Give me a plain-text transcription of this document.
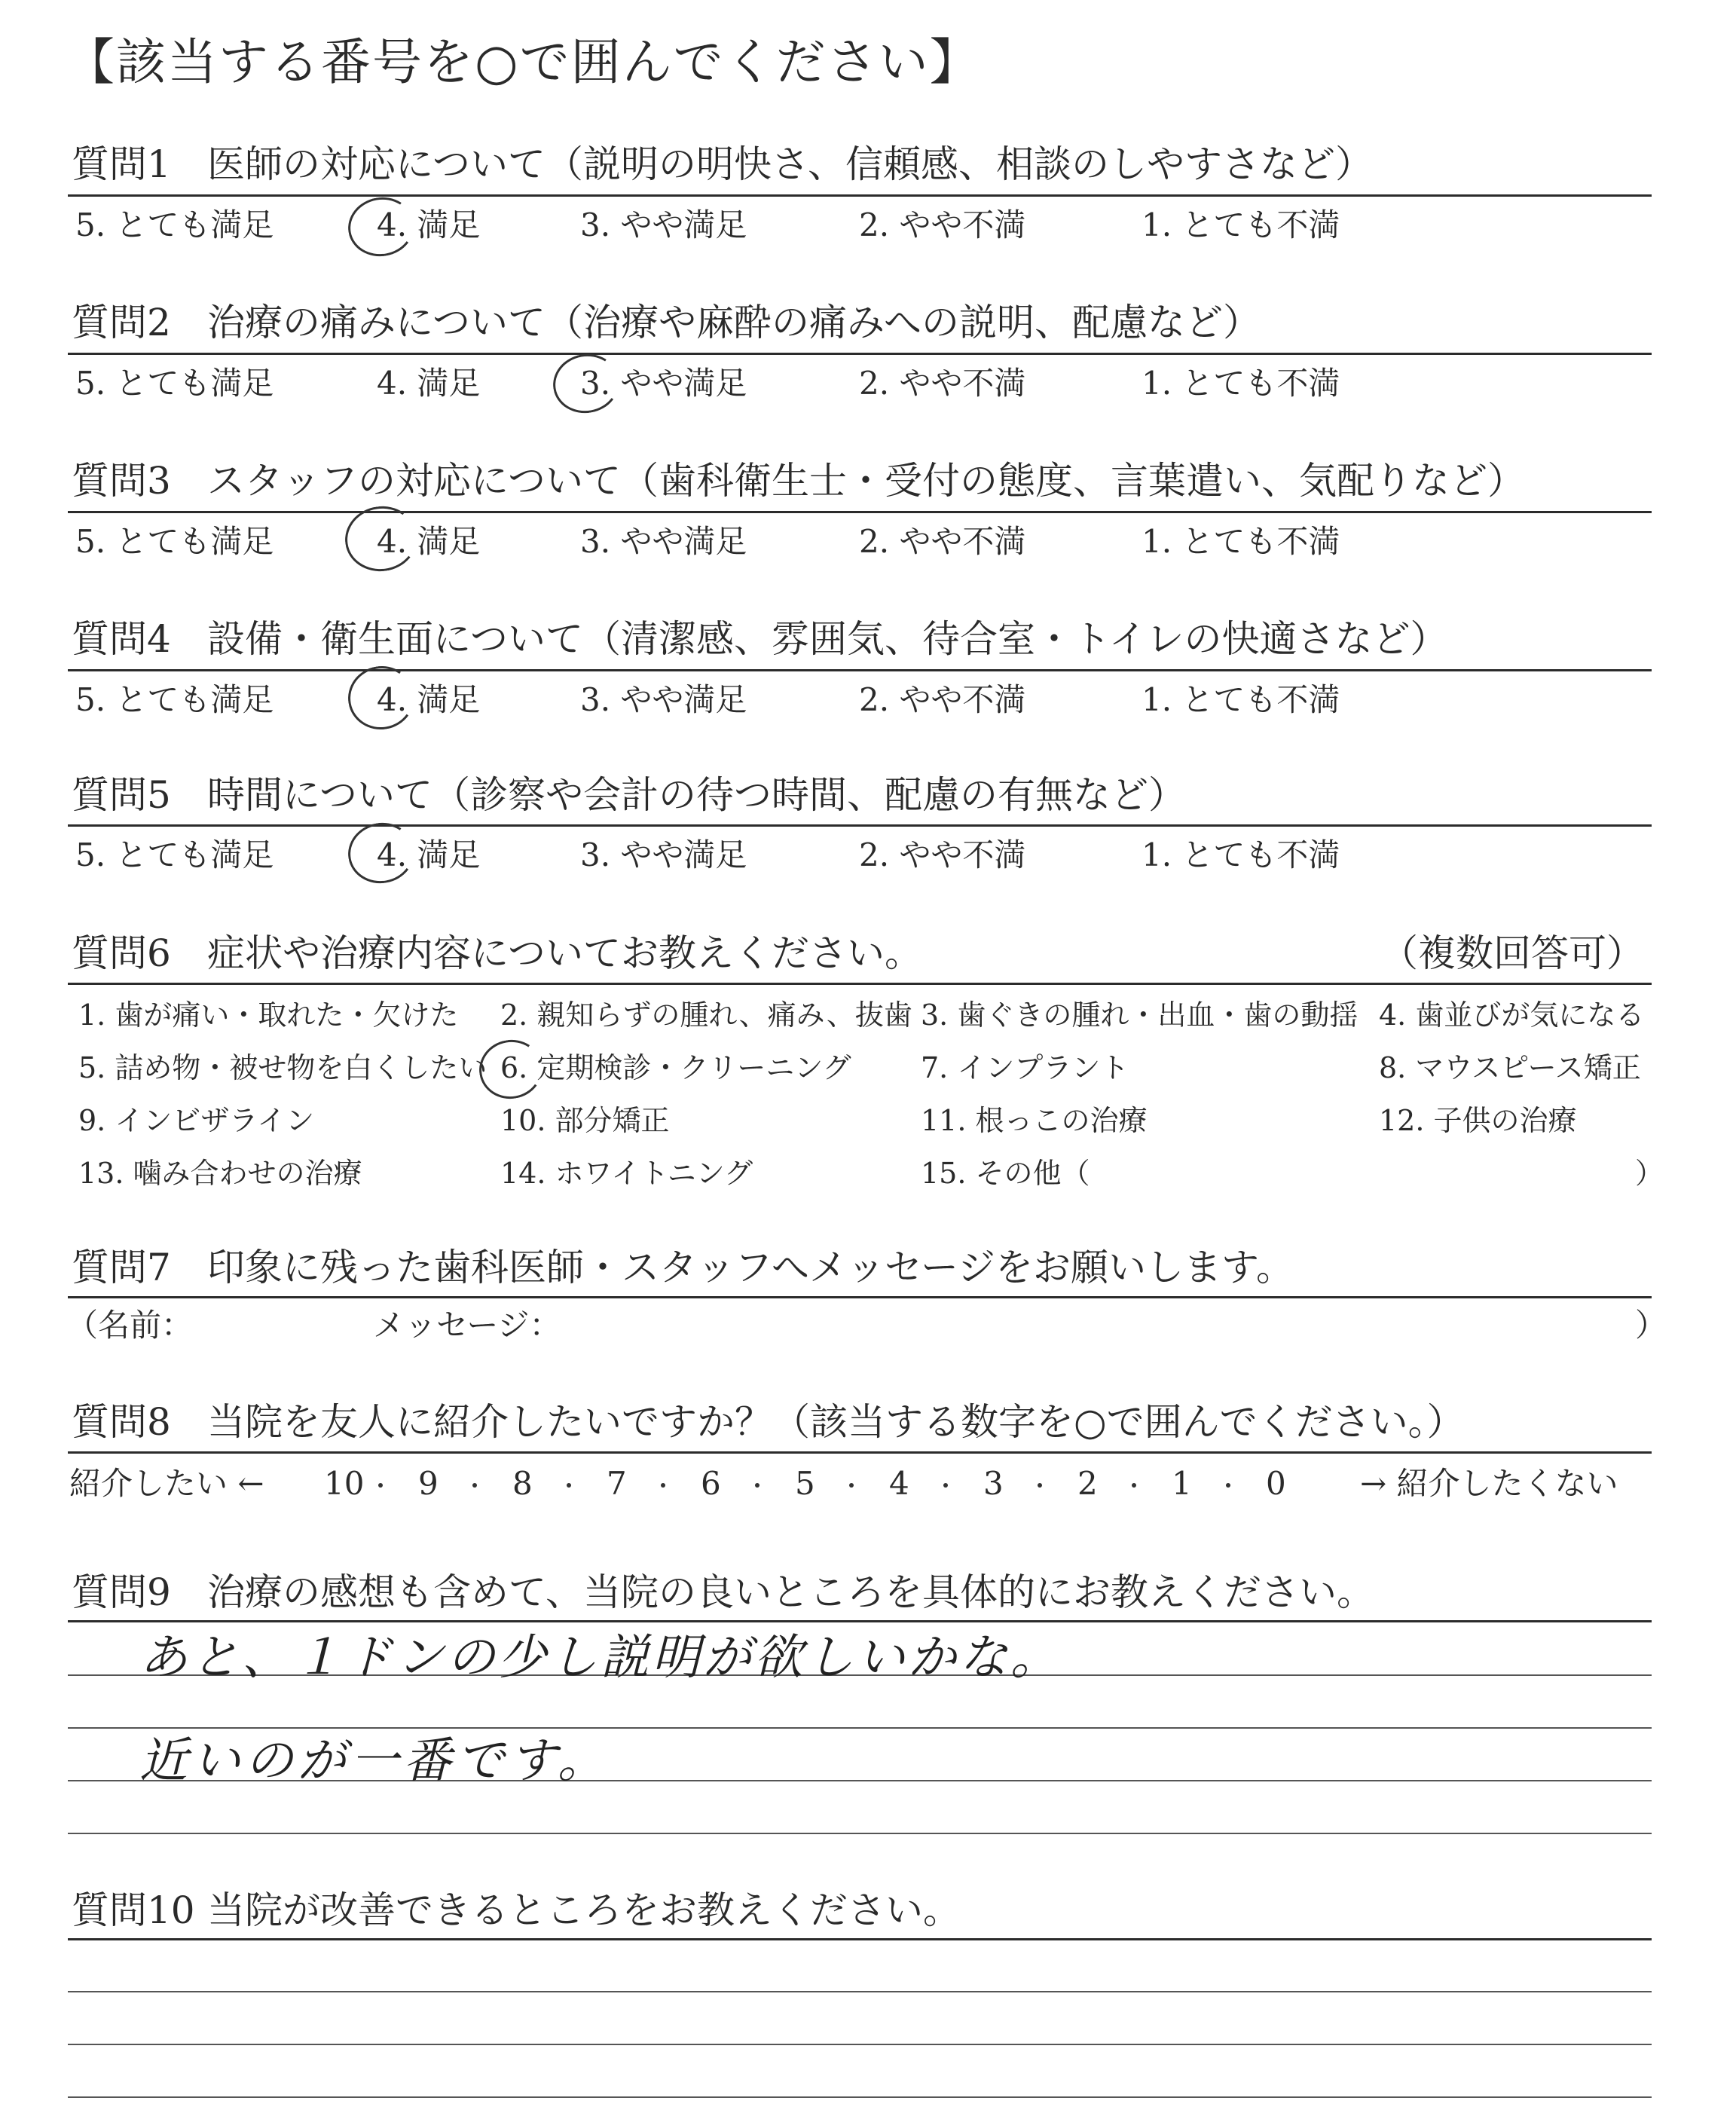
【該当する番号を○で囲んでください】
質問1 医師の対応について（説明の明快さ、信頼感、相談のしやすさなど）
5. とても満足	4. 満足	3. やや満足	2. やや不満	1. とても不満
質問2 治療の痛みについて（治療や麻酔の痛みへの説明、配慮など）
5. とても満足	4. 満足	3. やや満足	2. やや不満	1. とても不満
質問3 スタッフの対応について（歯科衛生士・受付の態度、言葉遣い、気配りなど）
5. とても満足	4. 満足	3. やや満足	2. やや不満	1. とても不満
質問4 設備・衛生面について（清潔感、雰囲気、待合室・トイレの快適さなど）
5. とても満足	4. 満足	3. やや満足	2. やや不満	1. とても不満
質問5 時間について（診察や会計の待つ時間、配慮の有無など）
5. とても満足	4. 満足	3. やや満足	2. やや不満	1. とても不満
質問6 症状や治療内容についてお教えください。	（複数回答可）
1. 歯が痛い・取れた・欠けた 2. 親知らずの腫れ、痛み、抜歯 3. 歯ぐきの腫れ・出血・歯の動揺 4. 歯並びが気になる
5. 詰め物・被せ物を白くしたい 6. 定期検診・クリーニング 7. インプラント	8. マウスピース矯正
9. インビザライン	10. 部分矯正	11. 根っこの治療	12. 子供の治療
13. 噛み合わせの治療	14. ホワイトニング	15. その他（	）
質問7 印象に残った歯科医師・スタッフへメッセージをお願いします。
（名前：	メッセージ：	）
質問8 当院を友人に紹介したいですか？（該当する数字を○で囲んでください。）
紹介したい ← 10 9 8 7 6 5 4 3 2 1 0 → 紹介したくない
質問9 治療の感想も含めて、当院の良いところを具体的にお教えください。
あと、１ドンの少し説明が欲しいかな。
近いのが一番です。
質問10 当院が改善できるところをお教えください。
